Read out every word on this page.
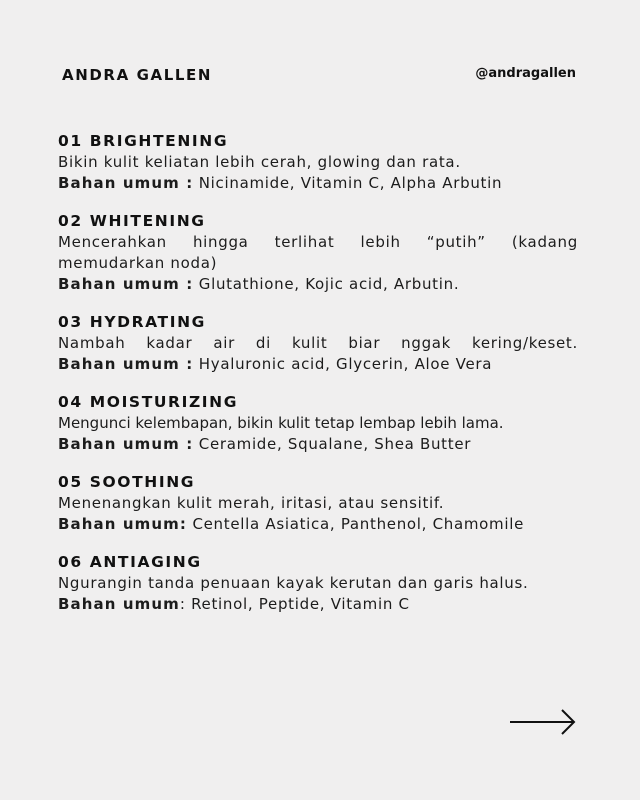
ANDRA GALLEN	@andragallen
01 BRIGHTENING
Bikin kulit keliatan lebih cerah, glowing dan rata.
Bahan umum : Nicinamide, Vitamin C, Alpha Arbutin
02 WHITENING
Mencerahkan hingga terlihat lebih “putih” (kadang memudarkan noda)
Bahan umum : Glutathione, Kojic acid, Arbutin.
03 HYDRATING
Nambah kadar air di kulit biar nggak kering/keset.
Bahan umum : Hyaluronic acid, Glycerin, Aloe Vera
04 MOISTURIZING
Mengunci kelembapan, bikin kulit tetap lembap lebih lama.
Bahan umum : Ceramide, Squalane, Shea Butter
05 SOOTHING
Menenangkan kulit merah, iritasi, atau sensitif.
Bahan umum: Centella Asiatica, Panthenol, Chamomile
06 ANTIAGING
Ngurangin tanda penuaan kayak kerutan dan garis halus.
Bahan umum: Retinol, Peptide, Vitamin C
